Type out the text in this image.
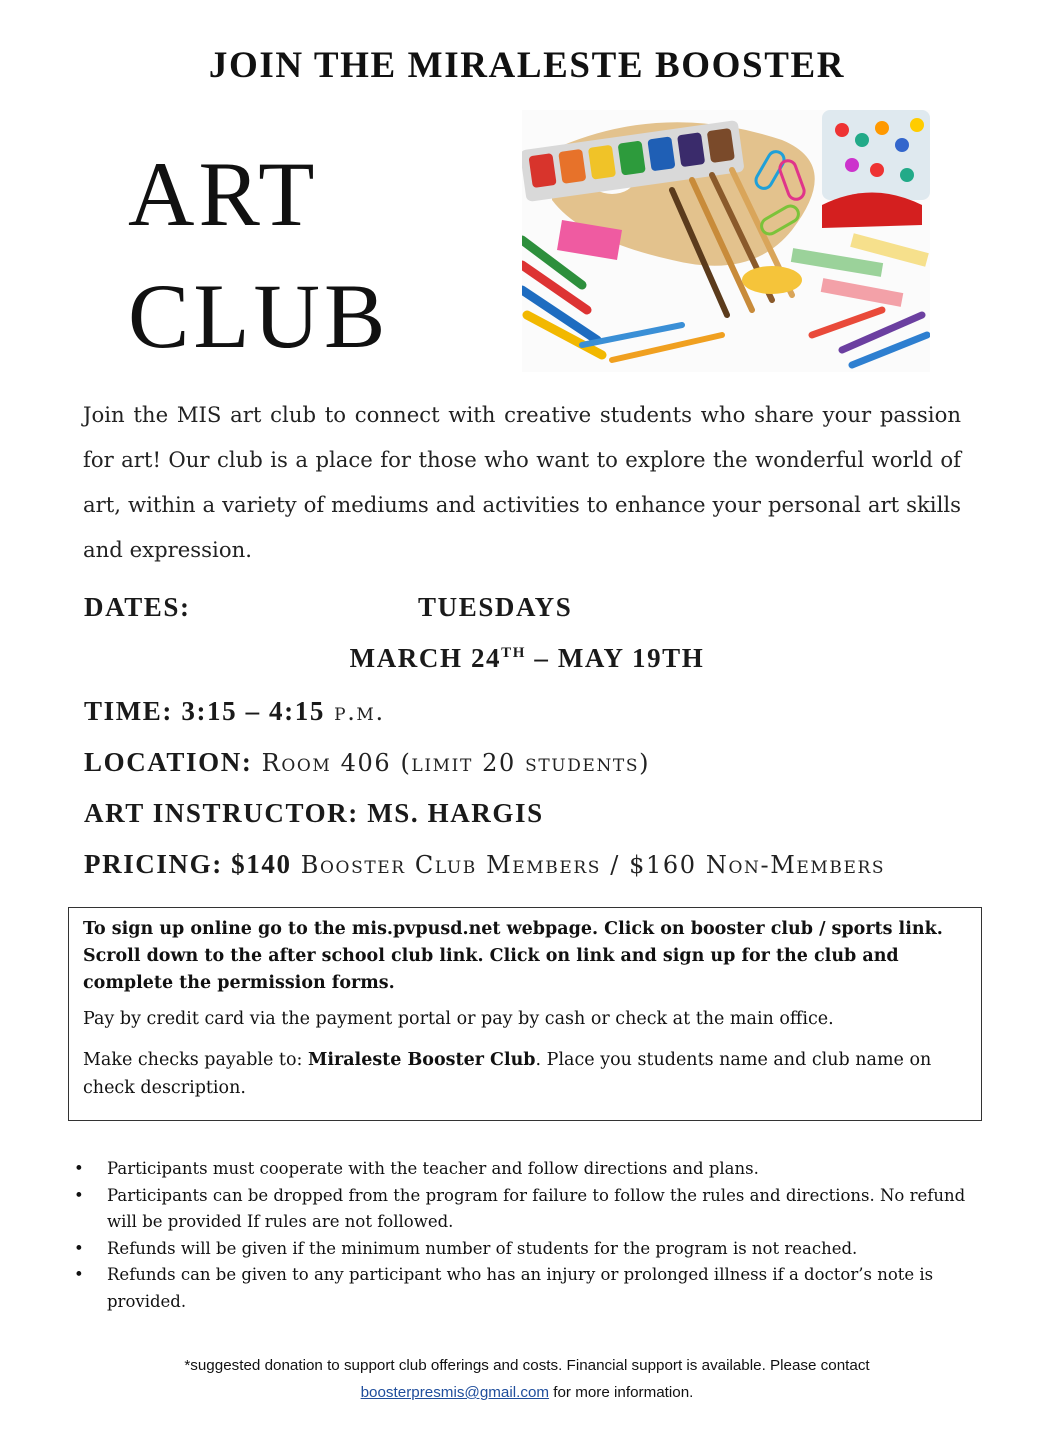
JOIN THE MIRALESTE BOOSTER
ART
CLUB

Join the MIS art club to connect with creative students who share your passion for art! Our club is a place for those who want to explore the wonderful world of art, within a variety of mediums and activities to enhance your personal art skills and expression.

DATES:	TUESDAYS
MARCH 24TH – MAY 19TH
TIME: 3:15 – 4:15 p.m.
LOCATION: Room 406 (limit 20 students)
ART INSTRUCTOR: MS. HARGIS
PRICING: $140 Booster Club Members / $160 Non-Members

To sign up online go to the mis.pvpusd.net webpage. Click on booster club / sports link. Scroll down to the after school club link. Click on link and sign up for the club and complete the permission forms.

Pay by credit card via the payment portal or pay by cash or check at the main office.

Make checks payable to: Miraleste Booster Club. Place you students name and club name on check description.

• Participants must cooperate with the teacher and follow directions and plans.
• Participants can be dropped from the program for failure to follow the rules and directions. No refund will be provided If rules are not followed.
• Refunds will be given if the minimum number of students for the program is not reached.
• Refunds can be given to any participant who has an injury or prolonged illness if a doctor’s note is provided.
*suggested donation to support club offerings and costs. Financial support is available. Please contact
boosterpresmis@gmail.com for more information.
